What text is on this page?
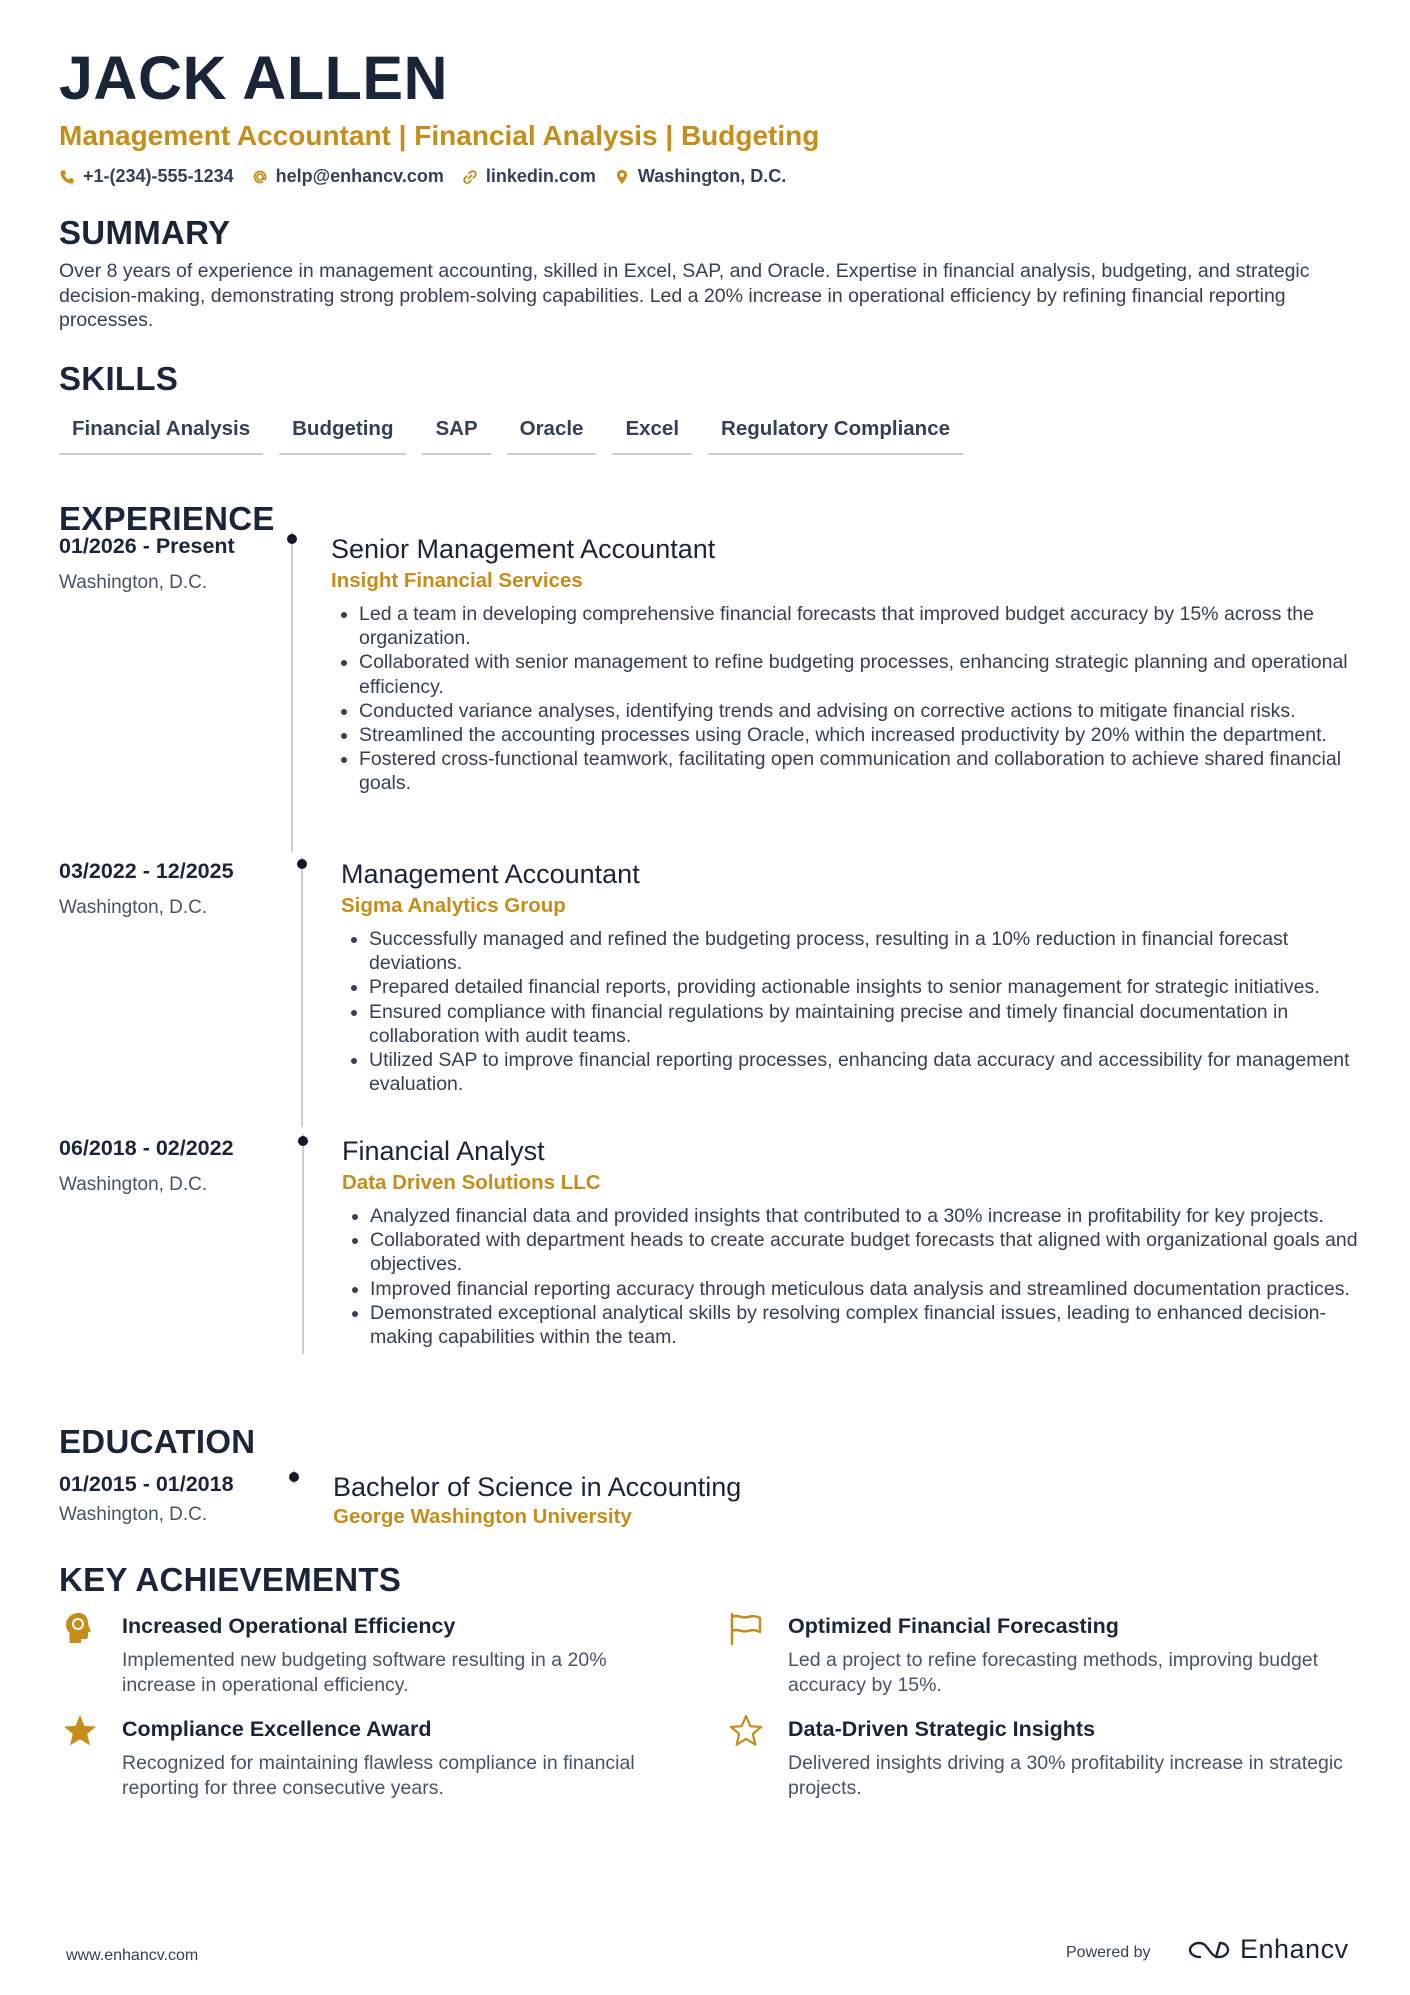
JACK ALLEN
Management Accountant | Financial Analysis | Budgeting
+1-(234)-555-1234 help@enhancv.com linkedin.com Washington, D.C.
SUMMARY
Over 8 years of experience in management accounting, skilled in Excel, SAP, and Oracle. Expertise in financial analysis, budgeting, and strategic decision-making, demonstrating strong problem-solving capabilities. Led a 20% increase in operational efficiency by refining financial reporting processes.
SKILLS
Financial Analysis	Budgeting	SAP	Oracle	Excel	Regulatory Compliance
EXPERIENCE
01/2026 - Present
Washington, D.C.
Senior Management Accountant
Insight Financial Services
• Led a team in developing comprehensive financial forecasts that improved budget accuracy by 15% across the organization.
• Collaborated with senior management to refine budgeting processes, enhancing strategic planning and operational efficiency.
• Conducted variance analyses, identifying trends and advising on corrective actions to mitigate financial risks.
• Streamlined the accounting processes using Oracle, which increased productivity by 20% within the department.
• Fostered cross-functional teamwork, facilitating open communication and collaboration to achieve shared financial goals.
03/2022 - 12/2025
Washington, D.C.
Management Accountant
Sigma Analytics Group
• Successfully managed and refined the budgeting process, resulting in a 10% reduction in financial forecast deviations.
• Prepared detailed financial reports, providing actionable insights to senior management for strategic initiatives.
• Ensured compliance with financial regulations by maintaining precise and timely financial documentation in collaboration with audit teams.
• Utilized SAP to improve financial reporting processes, enhancing data accuracy and accessibility for management evaluation.
06/2018 - 02/2022
Washington, D.C.
Financial Analyst
Data Driven Solutions LLC
• Analyzed financial data and provided insights that contributed to a 30% increase in profitability for key projects.
• Collaborated with department heads to create accurate budget forecasts that aligned with organizational goals and objectives.
• Improved financial reporting accuracy through meticulous data analysis and streamlined documentation practices.
• Demonstrated exceptional analytical skills by resolving complex financial issues, leading to enhanced decision-making capabilities within the team.
EDUCATION
01/2015 - 01/2018
Washington, D.C.
Bachelor of Science in Accounting
George Washington University
KEY ACHIEVEMENTS
Increased Operational Efficiency
Implemented new budgeting software resulting in a 20% increase in operational efficiency.
Optimized Financial Forecasting
Led a project to refine forecasting methods, improving budget accuracy by 15%.
Compliance Excellence Award
Recognized for maintaining flawless compliance in financial reporting for three consecutive years.
Data-Driven Strategic Insights
Delivered insights driving a 30% profitability increase in strategic projects.
www.enhancv.com	Powered by	Enhancv
